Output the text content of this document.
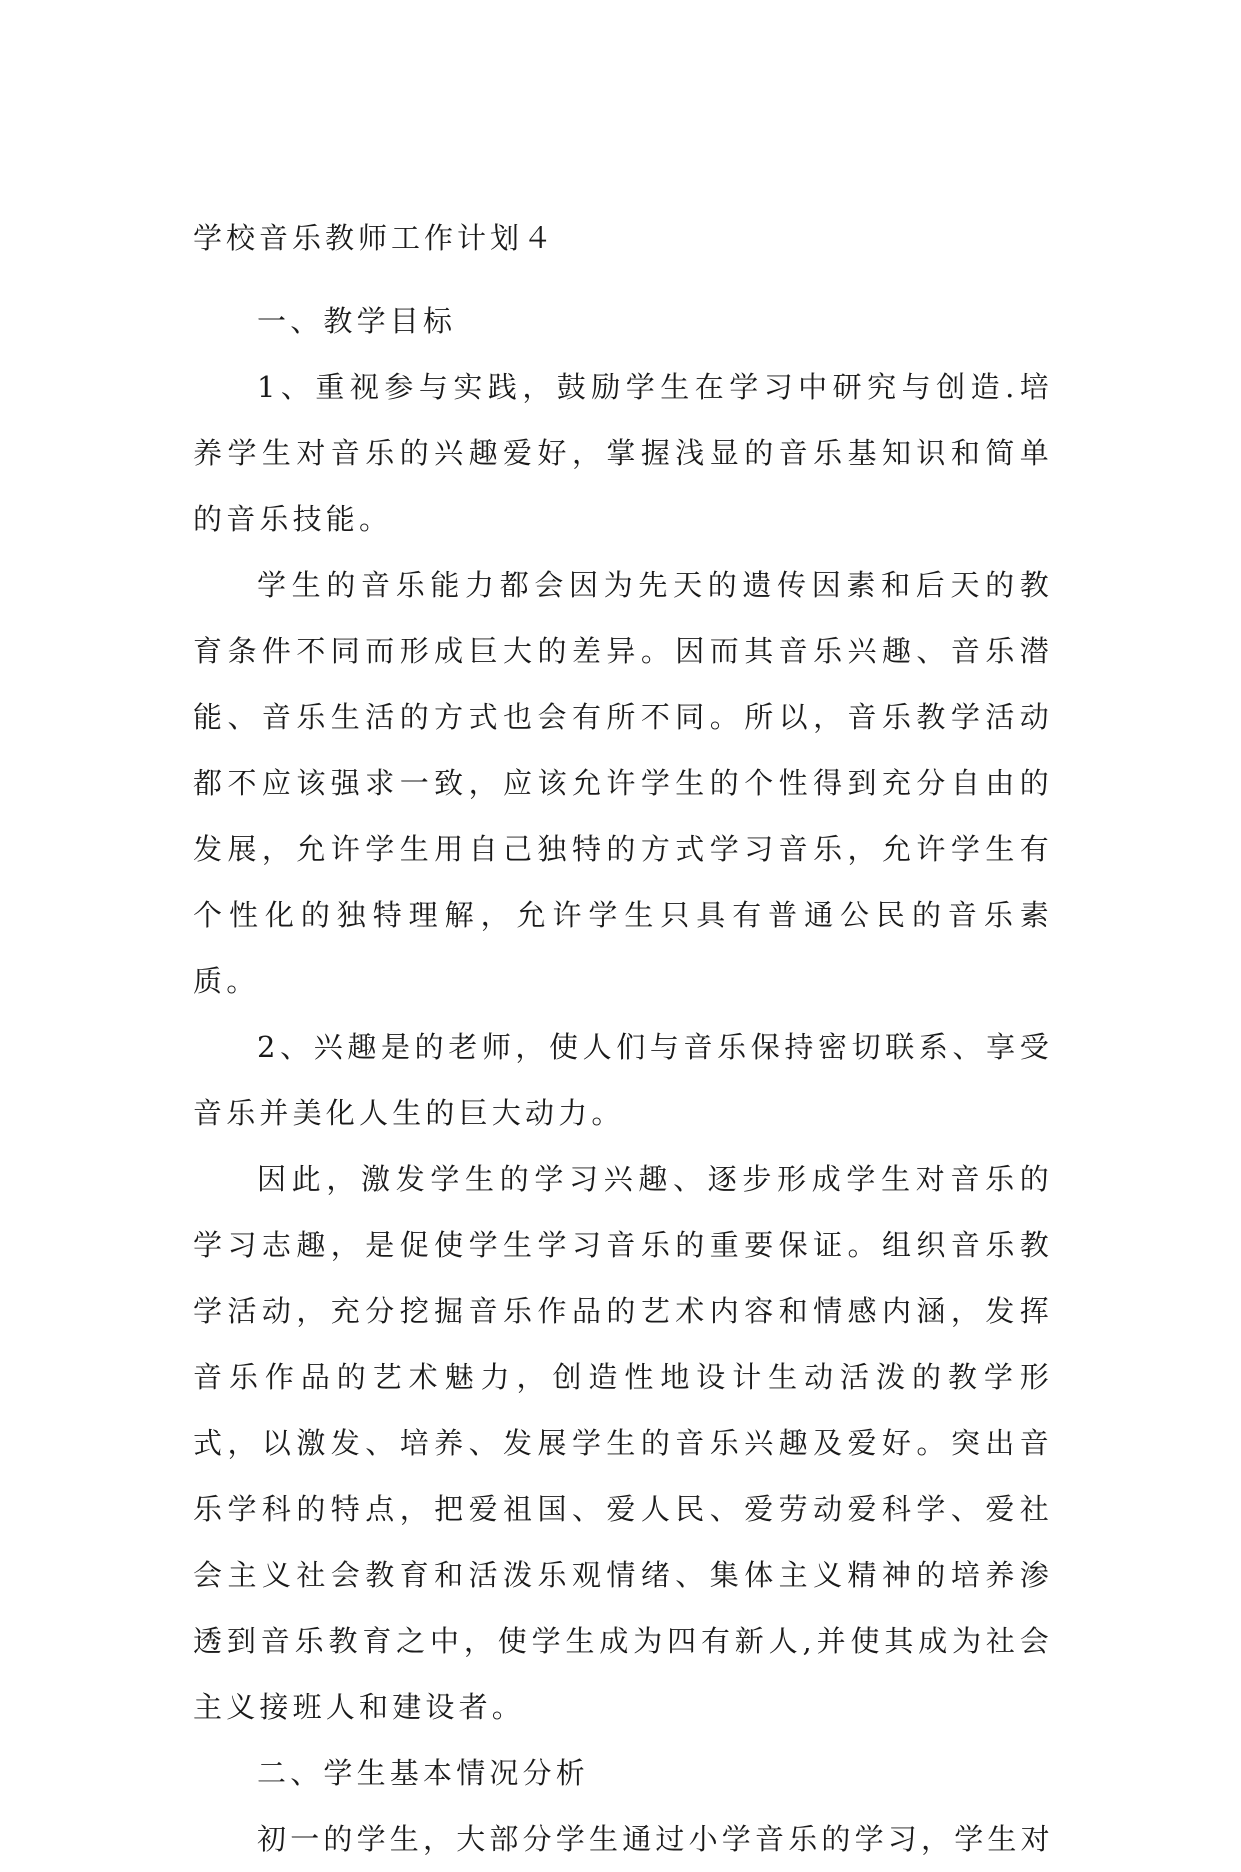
学校音乐教师工作计划４

一、教学目标

1、重视参与实践，鼓励学生在学习中研究与创造.培养学生对音乐的兴趣爱好，掌握浅显的音乐基知识和简单的音乐技能。

学生的音乐能力都会因为先天的遗传因素和后天的教育条件不同而形成巨大的差异。因而其音乐兴趣、音乐潜能、音乐生活的方式也会有所不同。所以，音乐教学活动都不应该强求一致，应该允许学生的个性得到充分自由的发展，允许学生用自己独特的方式学习音乐，允许学生有个性化的独特理解，允许学生只具有普通公民的音乐素质。

2、兴趣是的老师，使人们与音乐保持密切联系、享受音乐并美化人生的巨大动力。

因此，激发学生的学习兴趣、逐步形成学生对音乐的学习志趣，是促使学生学习音乐的重要保证。组织音乐教学活动，充分挖掘音乐作品的艺术内容和情感内涵，发挥音乐作品的艺术魅力，创造性地设计生动活泼的教学形式，以激发、培养、发展学生的音乐兴趣及爱好。突出音乐学科的特点，把爱祖国、爱人民、爱劳动爱科学、爱社会主义社会教育和活泼乐观情绪、集体主义精神的培养渗透到音乐教育之中，使学生成为四有新人,并使其成为社会主义接班人和建设者。

二、学生基本情况分析

初一的学生，大部分学生通过小学音乐的学习，学生对
